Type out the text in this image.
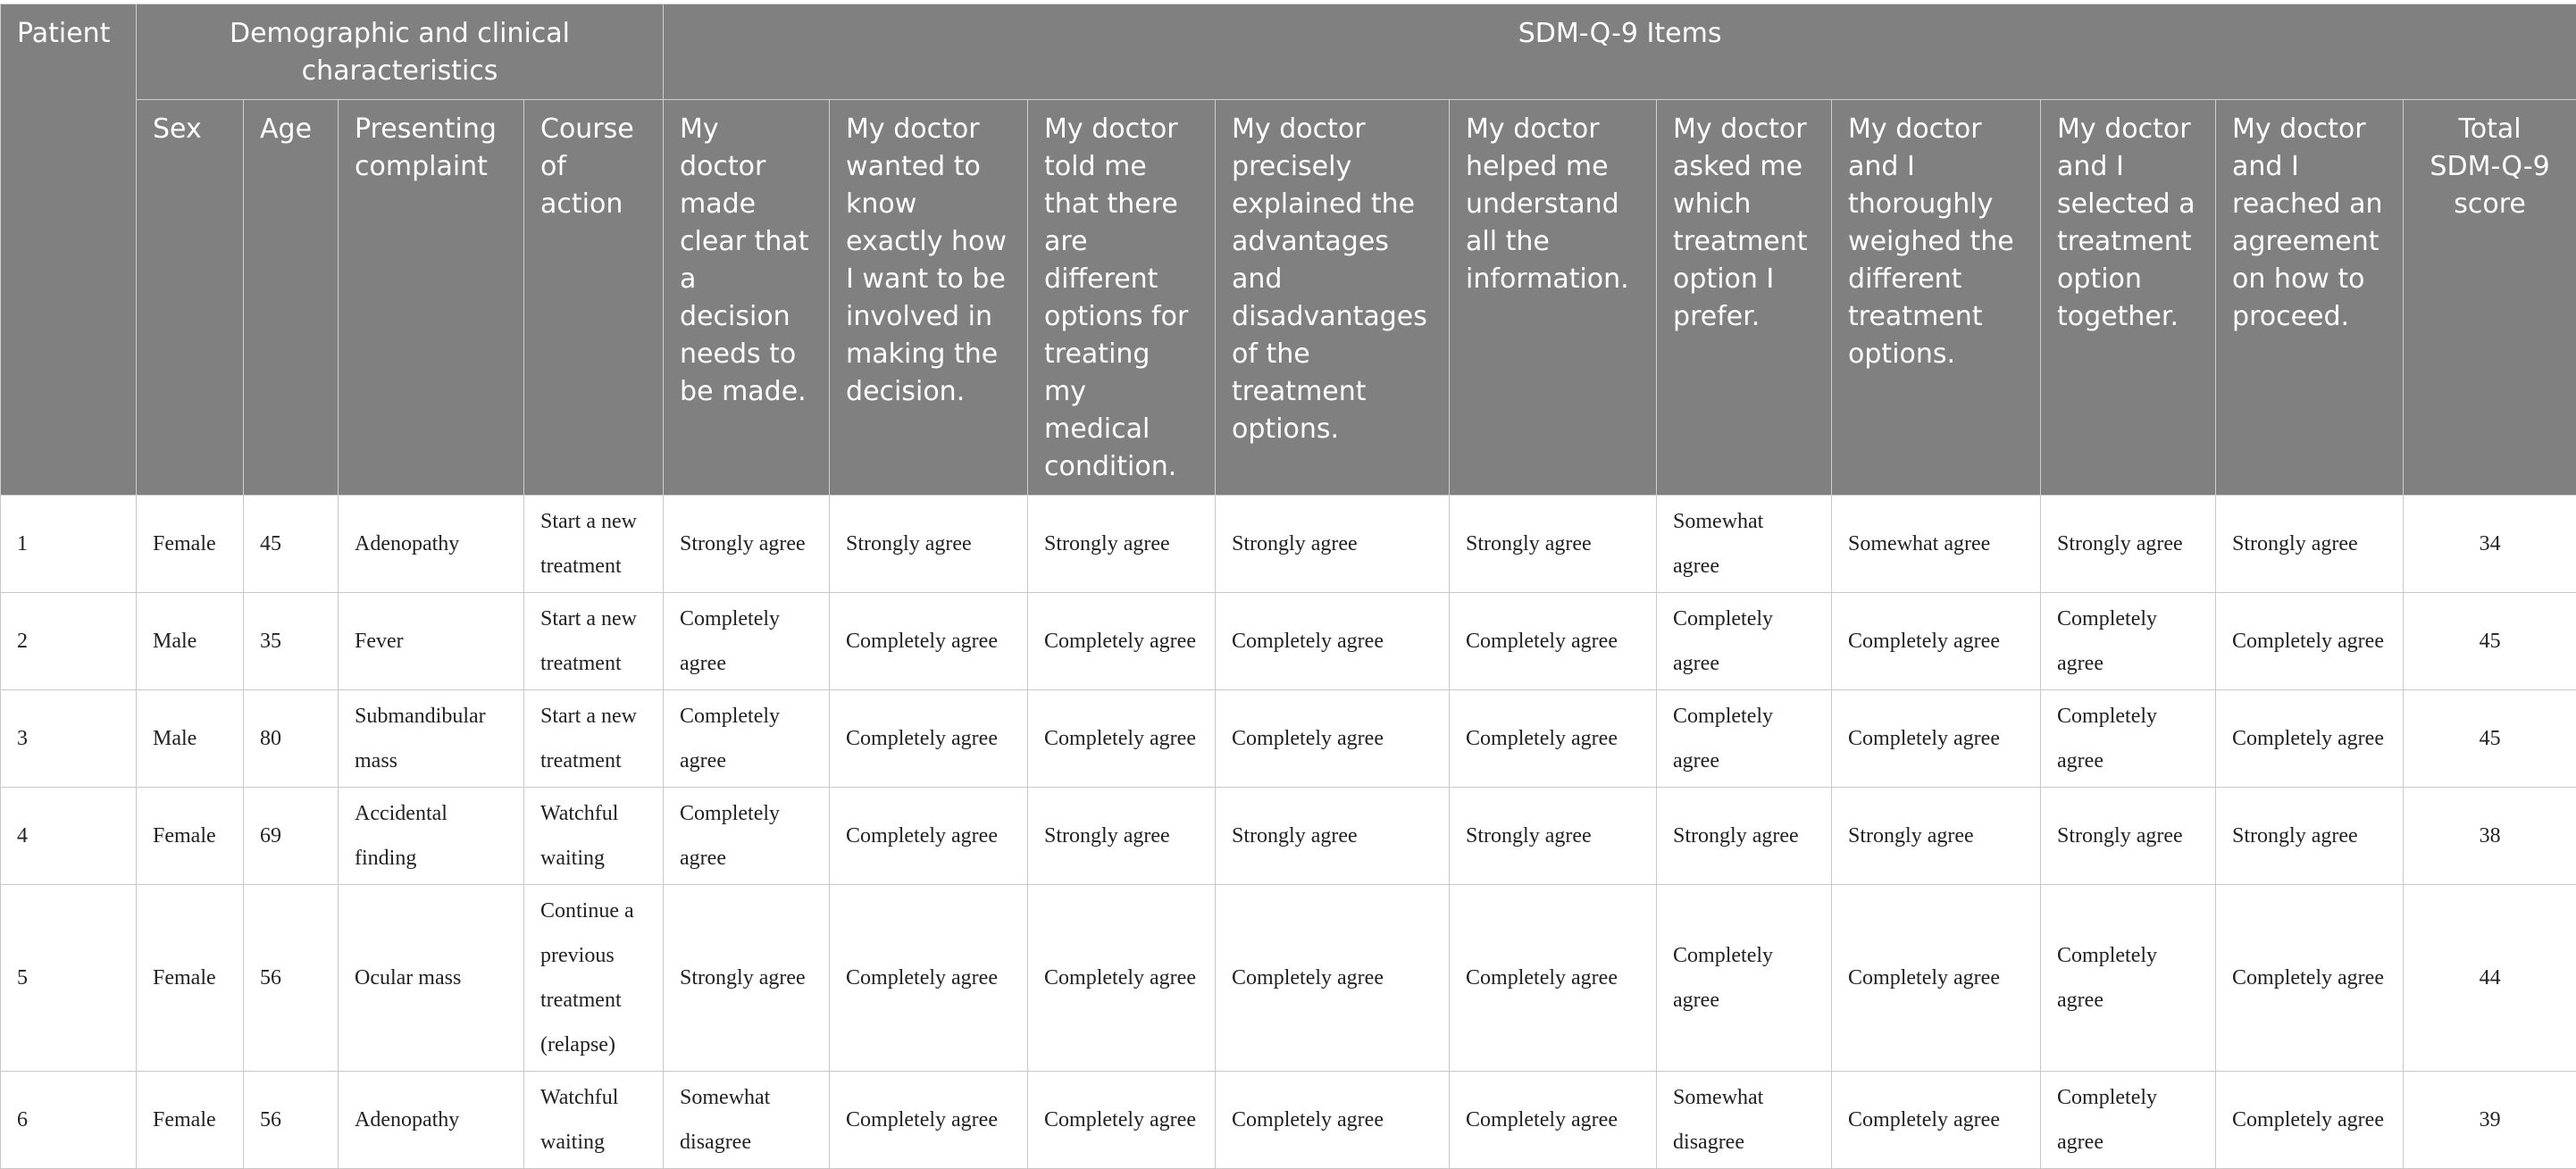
Patient	Demographic and clinical characteristics				SDM-Q-9 Items									
	Sex	Age	Presenting complaint	Course of action	My doctor made clear that a decision needs to be made.	My doctor wanted to know exactly how I want to be involved in making the decision.	My doctor told me that there are different options for treating my medical condition.	My doctor precisely explained the advantages and disadvantages of the treatment options.	My doctor helped me understand all the information.	My doctor asked me which treatment option I prefer.	My doctor and I thoroughly weighed the different treatment options.	My doctor and I selected a treatment option together.	My doctor and I reached an agreement on how to proceed.	Total SDM-Q-9 score
1	Female	45	Adenopathy	Start a new treatment	Strongly agree	Strongly agree	Strongly agree	Strongly agree	Strongly agree	Somewhat agree	Somewhat agree	Strongly agree	Strongly agree	34
2	Male	35	Fever	Start a new treatment	Completely agree	Completely agree	Completely agree	Completely agree	Completely agree	Completely agree	Completely agree	Completely agree	Completely agree	45
3	Male	80	Submandibular mass	Start a new treatment	Completely agree	Completely agree	Completely agree	Completely agree	Completely agree	Completely agree	Completely agree	Completely agree	Completely agree	45
4	Female	69	Accidental finding	Watchful waiting	Completely agree	Completely agree	Strongly agree	Strongly agree	Strongly agree	Strongly agree	Strongly agree	Strongly agree	Strongly agree	38
5	Female	56	Ocular mass	Continue a previous treatment (relapse)	Strongly agree	Completely agree	Completely agree	Completely agree	Completely agree	Completely agree	Completely agree	Completely agree	Completely agree	44
6	Female	56	Adenopathy	Watchful waiting	Somewhat disagree	Completely agree	Completely agree	Completely agree	Completely agree	Somewhat disagree	Completely agree	Completely agree	Completely agree	39
